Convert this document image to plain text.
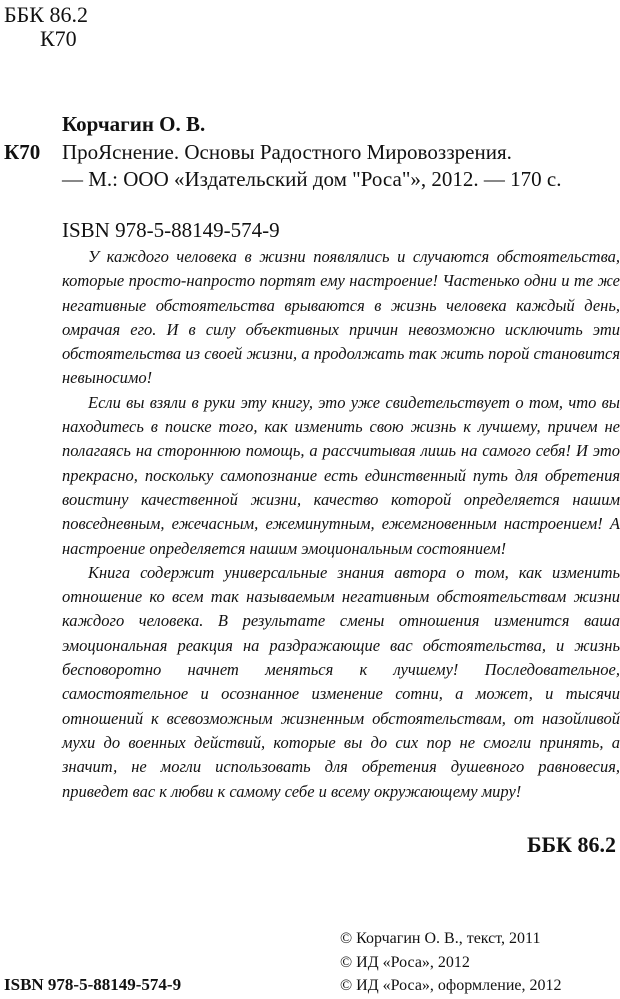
ББК 86.2
К70
Корчагин О. В.
К70 ПроЯснение. Основы Радостного Мировоззрения.
— М.: ООО «Издательский дом "Роса"», 2012. — 170 с.
ISBN 978-5-88149-574-9

У каждого человека в жизни появлялись и случаются обстоятельства, которые просто-напросто портят ему настроение! Частенько одни и те же негативные обстоятельства врываются в жизнь человека каждый день, омрачая его. И в силу объективных причин невозможно исключить эти обстоятельства из своей жизни, а продолжать так жить порой становится невыносимо!

Если вы взяли в руки эту книгу, это уже свидетельствует о том, что вы находитесь в поиске того, как изменить свою жизнь к лучшему, причем не полагаясь на стороннюю помощь, а рассчитывая лишь на самого себя! И это прекрасно, поскольку самопознание есть единственный путь для обретения воистину качественной жизни, качество которой определяется нашим повседневным, ежечасным, ежеминутным, ежемгновенным настроением! А настроение определяется нашим эмоциональным состоянием!

Книга содержит универсальные знания автора о том, как изменить отношение ко всем так называемым негативным обстоятельствам жизни каждого человека. В результате смены отношения изменится ваша эмоциональная реакция на раздражающие вас обстоятельства, и жизнь бесповоротно начнет меняться к лучшему! Последовательное, самостоятельное и осознанное изменение сотни, а может, и тысячи отношений к всевозможным жизненным обстоятельствам, от назойливой мухи до военных действий, которые вы до сих пор не смогли принять, а значит, не могли использовать для обретения душевного равновесия, приведет вас к любви к самому себе и всему окружающему миру!

ББК 86.2
© Корчагин О. В., текст, 2011
© ИД «Роса», 2012
© ИД «Роса», оформление, 2012
ISBN 978-5-88149-574-9
